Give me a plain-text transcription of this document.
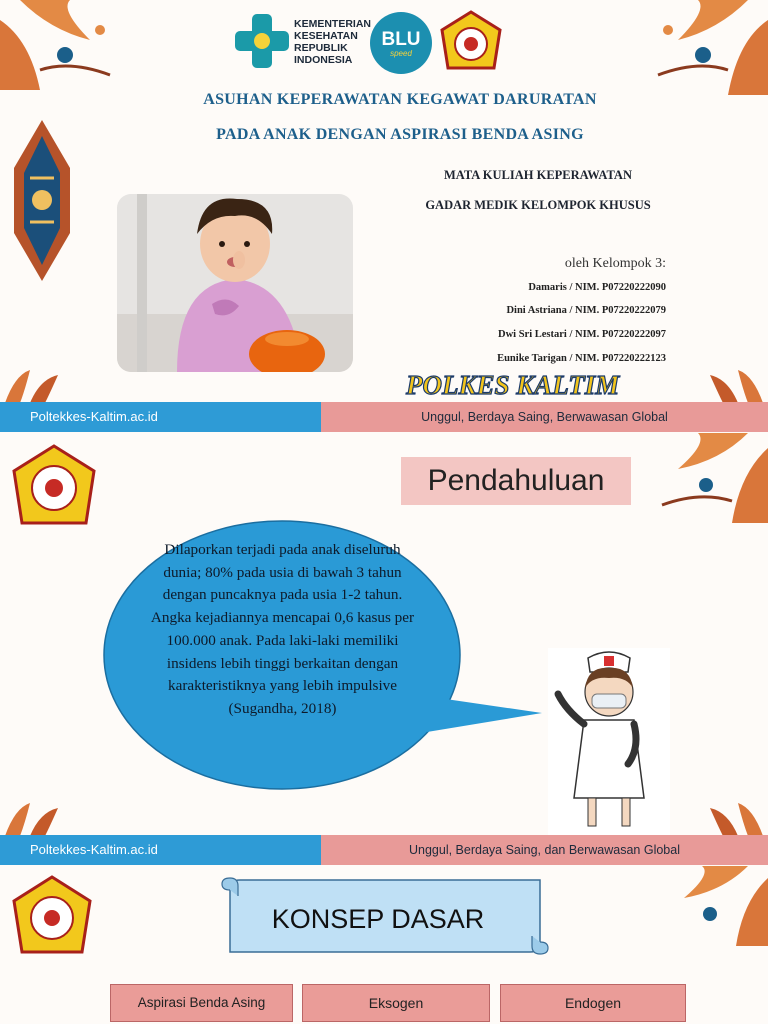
KEMENTERIAN
KESEHATAN
REPUBLIK
INDONESIA
BLU
speed
ASUHAN KEPERAWATAN KEGAWAT DARURATAN
PADA ANAK DENGAN ASPIRASI BENDA ASING
MATA KULIAH KEPERAWATAN
GADAR MEDIK KELOMPOK KHUSUS
oleh Kelompok 3:
Damaris / NIM. P07220222090
Dini Astriana / NIM. P07220222079
Dwi Sri Lestari / NIM. P07220222097
Eunike Tarigan / NIM. P07220222123
POLKES KALTIM
Poltekkes-Kaltim.ac.id	Unggul, Berdaya Saing, Berwawasan Global
Pendahuluan
Dilaporkan terjadi pada anak diseluruh dunia; 80% pada usia di bawah 3 tahun dengan puncaknya pada usia 1-2 tahun. Angka kejadiannya mencapai 0,6 kasus per 100.000 anak. Pada laki-laki memiliki insidens lebih tinggi berkaitan dengan karakteristiknya yang lebih impulsive
(Sugandha, 2018)
Poltekkes-Kaltim.ac.id	Unggul, Berdaya Saing, dan Berwawasan Global
KONSEP DASAR
Aspirasi Benda Asing	Eksogen	Endogen
